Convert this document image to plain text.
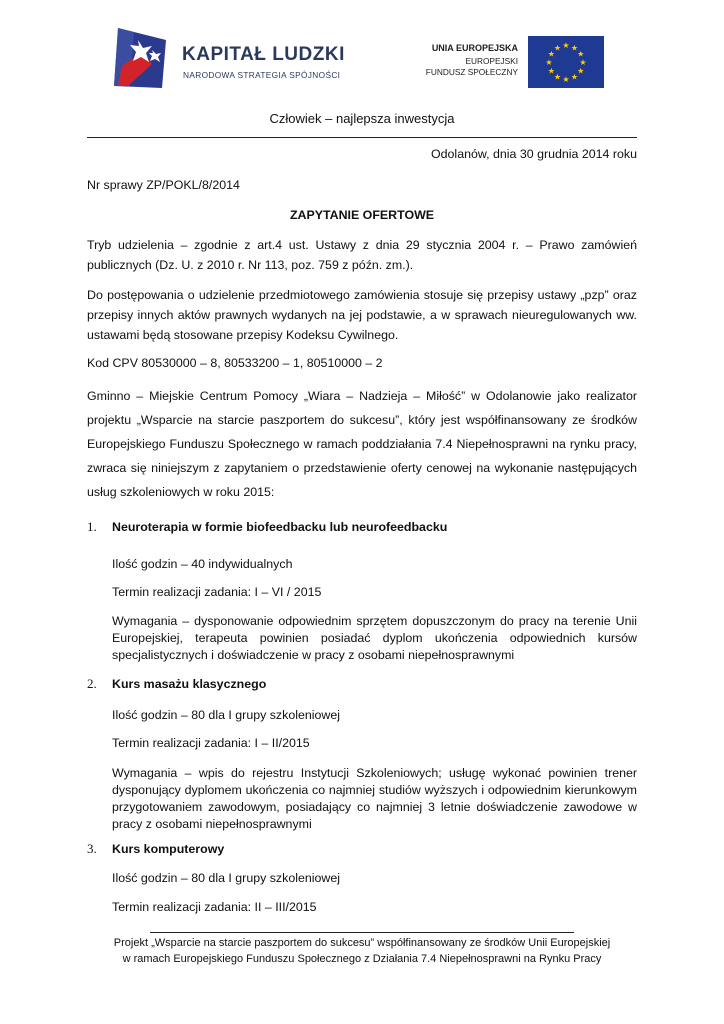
KAPITAŁ LUDZKI
NARODOWA STRATEGIA SPÓJNOŚCI
UNIA EUROPEJSKA
EUROPEJSKI
FUNDUSZ SPOŁECZNY
★
★
★
★
★
★
★
★
★ ★ ★
★
Człowiek – najlepsza inwestycja
Odolanów, dnia 30 grudnia 2014 roku
Nr sprawy ZP/POKL/8/2014
ZAPYTANIE OFERTOWE
Tryb udzielenia – zgodnie z art.4 ust. Ustawy z dnia 29 stycznia 2004 r. – Prawo zamówień publicznych (Dz. U. z 2010 r. Nr 113, poz. 759 z późn. zm.).
Do postępowania o udzielenie przedmiotowego zamówienia stosuje się przepisy ustawy „pzp” oraz przepisy innych aktów prawnych wydanych na jej podstawie, a w sprawach nieuregulowanych ww. ustawami będą stosowane przepisy Kodeksu Cywilnego.
Kod CPV 80530000 – 8, 80533200 – 1, 80510000 – 2
Gminno – Miejskie Centrum Pomocy „Wiara – Nadzieja – Miłość” w Odolanowie jako realizator projektu „Wsparcie na starcie paszportem do sukcesu”, który jest współfinansowany ze środków Europejskiego Funduszu Społecznego w ramach poddziałania 7.4 Niepełnosprawni na rynku pracy, zwraca się niniejszym z zapytaniem o przedstawienie oferty cenowej na wykonanie następujących usług szkoleniowych w roku 2015:
1. Neuroterapia w formie biofeedbacku lub neurofeedbacku
Ilość godzin – 40 indywidualnych
Termin realizacji zadania: I – VI / 2015
Wymagania – dysponowanie odpowiednim sprzętem dopuszczonym do pracy na terenie Unii Europejskiej, terapeuta powinien posiadać dyplom ukończenia odpowiednich kursów specjalistycznych i doświadczenie w pracy z osobami niepełnosprawnymi
2. Kurs masażu klasycznego
Ilość godzin – 80 dla I grupy szkoleniowej
Termin realizacji zadania: I – II/2015
Wymagania – wpis do rejestru Instytucji Szkoleniowych; usługę wykonać powinien trener dysponujący dyplomem ukończenia co najmniej studiów wyższych i odpowiednim kierunkowym przygotowaniem zawodowym, posiadający co najmniej 3 letnie doświadczenie zawodowe w pracy z osobami niepełnosprawnymi
3. Kurs komputerowy
Ilość godzin – 80 dla I grupy szkoleniowej
Termin realizacji zadania: II – III/2015
Projekt „Wsparcie na starcie paszportem do sukcesu” współfinansowany ze środków Unii Europejskiej
w ramach Europejskiego Funduszu Społecznego z Działania 7.4 Niepełnosprawni na Rynku Pracy
